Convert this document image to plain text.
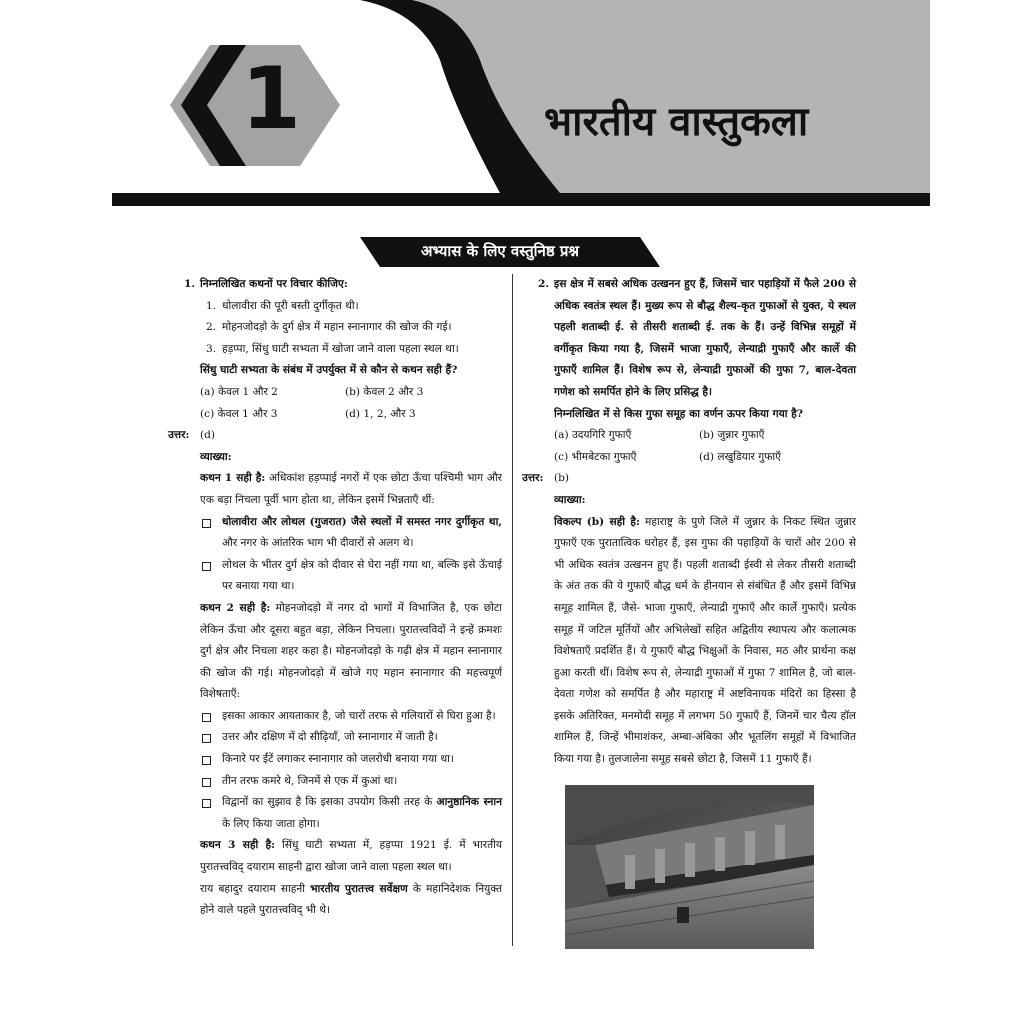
1	भारतीय वास्तुकला
अभ्यास के लिए वस्तुनिष्ठ प्रश्न

1. निम्नलिखित कथनों पर विचार कीजिए:

1. धोलावीरा की पूरी बस्ती दुर्गीकृत थी।

2. मोहनजोदड़ो के दुर्ग क्षेत्र में महान स्नानागार की खोज की गई।

3. हड़प्पा, सिंधु घाटी सभ्यता में खोजा जाने वाला पहला स्थल था।

सिंधु घाटी सभ्यता के संबंध में उपर्युक्त में से कौन से कथन सही हैं?

(a) केवल 1 और 2	(b) केवल 2 और 3
(c) केवल 1 और 3	(d) 1, 2, और 3

उत्तर: (d)

व्याख्या:

कथन 1 सही है: अधिकांश हड़प्पाई नगरों में एक छोटा ऊँचा पश्चिमी भाग और एक बड़ा निचला पूर्वी भाग होता था, लेकिन इसमें भिन्नताएँ थीं:

धोलावीरा और लोथल (गुजरात) जैसे स्थलों में समस्त नगर दुर्गीकृत था, और नगर के आंतरिक भाग भी दीवारों से अलग थे।

लोथल के भीतर दुर्ग क्षेत्र को दीवार से घेरा नहीं गया था, बल्कि इसे ऊँचाई पर बनाया गया था।

कथन 2 सही है: मोहनजोदड़ो में नगर दो भागों में विभाजित है, एक छोटा लेकिन ऊँचा और दूसरा बहुत बड़ा, लेकिन निचला। पुरातत्त्वविदों ने इन्हें क्रमशः दुर्ग क्षेत्र और निचला शहर कहा है। मोहनजोदड़ो के गढ़ी क्षेत्र में महान स्नानागार की खोज की गई। मोहनजोदड़ो में खोजे गए महान स्नानागार की महत्त्वपूर्ण विशेषताएँ:

इसका आकार आयताकार है, जो चारों तरफ से गलियारों से घिरा हुआ है।

उत्तर और दक्षिण में दो सीढ़ियाँ, जो स्नानागार में जाती है।

किनारे पर ईंटें लगाकर स्नानागार को जलरोधी बनाया गया था।

तीन तरफ कमरे थे, जिनमें से एक में कुआं था।

विद्वानों का सुझाव है कि इसका उपयोग किसी तरह के आनुष्ठानिक स्नान के लिए किया जाता होगा।

कथन 3 सही है: सिंधु घाटी सभ्यता में, हड़प्पा 1921 ई. में भारतीय पुरातत्त्वविद् दयाराम साहनी द्वारा खोजा जाने वाला पहला स्थल था।

राय बहादुर दयाराम साहनी भारतीय पुरातत्त्व सर्वेक्षण के महानिदेशक नियुक्त होने वाले पहले पुरातत्त्वविद् भी थे।

2. इस क्षेत्र में सबसे अधिक उत्खनन हुए हैं, जिसमें चार पहाड़ियों में फैले 200 से अधिक स्वतंत्र स्थल हैं। मुख्य रूप से बौद्ध शैल्य-कृत गुफाओं से युक्त, ये स्थल पहली शताब्दी ई. से तीसरी शताब्दी ई. तक के हैं। उन्हें विभिन्न समूहों में वर्गीकृत किया गया है, जिसमें भाजा गुफाएँ, लेन्याद्री गुफाएँ और कार्ले की गुफाएँ शामिल हैं। विशेष रूप से, लेन्याद्री गुफाओं की गुफा 7, बाल-देवता गणेश को समर्पित होने के लिए प्रसिद्ध है।

निम्नलिखित में से किस गुफा समूह का वर्णन ऊपर किया गया है?

(a) उदयगिरि गुफाएँ	(b) जुन्नार गुफाएँ
(c) भीमबेटका गुफाएँ	(d) लखुडियार गुफाएँ

उत्तर: (b)

व्याख्या:

विकल्प (b) सही है: महाराष्ट्र के पुणे जिले में जुन्नार के निकट स्थित जुन्नार गुफाएँ एक पुरातात्विक धरोहर हैं, इस गुफा की पहाड़ियों के चारों ओर 200 से भी अधिक स्वतंत्र उत्खनन हुए हैं। पहली शताब्दी ईस्वी से लेकर तीसरी शताब्दी के अंत तक की ये गुफाएँ बौद्ध धर्म के हीनयान से संबंधित हैं और इसमें विभिन्न समूह शामिल हैं, जैसे- भाजा गुफाएँ, लेन्याद्री गुफाएँ और कार्ले गुफाएँ। प्रत्येक समूह में जटिल मूर्तियों और अभिलेखों सहित अद्वितीय स्थापत्य और कलात्मक विशेषताएँ प्रदर्शित हैं। ये गुफाएँ बौद्ध भिक्षुओं के निवास, मठ और प्रार्थना कक्ष हुआ करती थीं। विशेष रूप से, लेन्याद्री गुफाओं में गुफा 7 शामिल है, जो बाल-देवता गणेश को समर्पित है और महाराष्ट्र में अष्टविनायक मंदिरों का हिस्सा है इसके अतिरिक्त, मनमोदी समूह में लगभग 50 गुफाएँ हैं, जिनमें चार चैत्य हॉल शामिल हैं, जिन्हें भीमाशंकर, अम्बा-अंबिका और भूतलिंग समूहों में विभाजित किया गया है। तुलजालेना समूह सबसे छोटा है, जिसमें 11 गुफाएँ हैं।
